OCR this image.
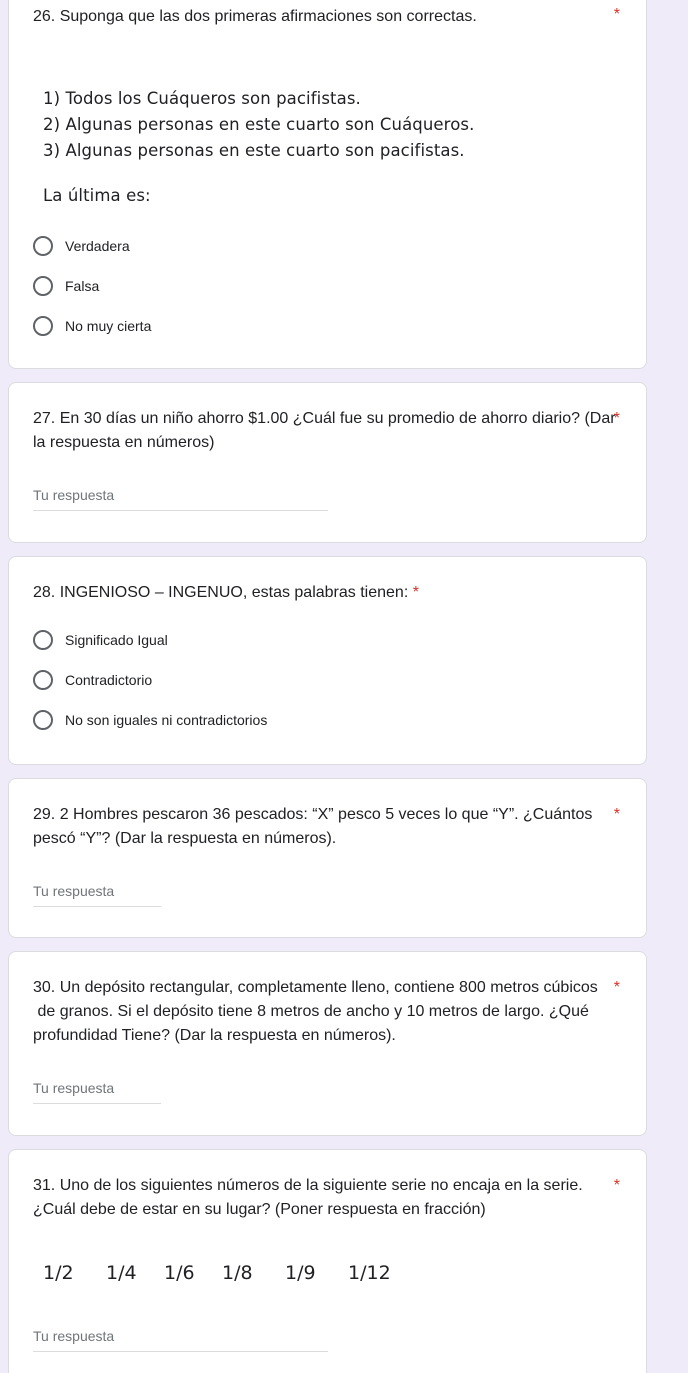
26. Suponga que las dos primeras afirmaciones son correctas.	*
1) Todos los Cuáqueros son pacifistas.
2) Algunas personas en este cuarto son Cuáqueros.
3) Algunas personas en este cuarto son pacifistas.
La última es:
Verdadera
Falsa
No muy cierta
27. En 30 días un niño ahorro $1.00 ¿Cuál fue su promedio de ahorro diario? (Dar
la respuesta en números)
*
Tu respuesta
28. INGENIOSO – INGENUO, estas palabras tienen: *
Significado Igual
Contradictorio
No son iguales ni contradictorios
29. 2 Hombres pescaron 36 pescados: “X” pesco 5 veces lo que “Y”. ¿Cuántos
pescó “Y”? (Dar la respuesta en números).
*
Tu respuesta
30. Un depósito rectangular, completamente lleno, contiene 800 metros cúbicos
de granos. Si el depósito tiene 8 metros de ancho y 10 metros de largo. ¿Qué
profundidad Tiene? (Dar la respuesta en números).
*
Tu respuesta
31. Uno de los siguientes números de la siguiente serie no encaja en la serie.
¿Cuál debe de estar en su lugar? (Poner respuesta en fracción)
*
1/2 1/4 1/6 1/8 1/9 1/12
Tu respuesta
